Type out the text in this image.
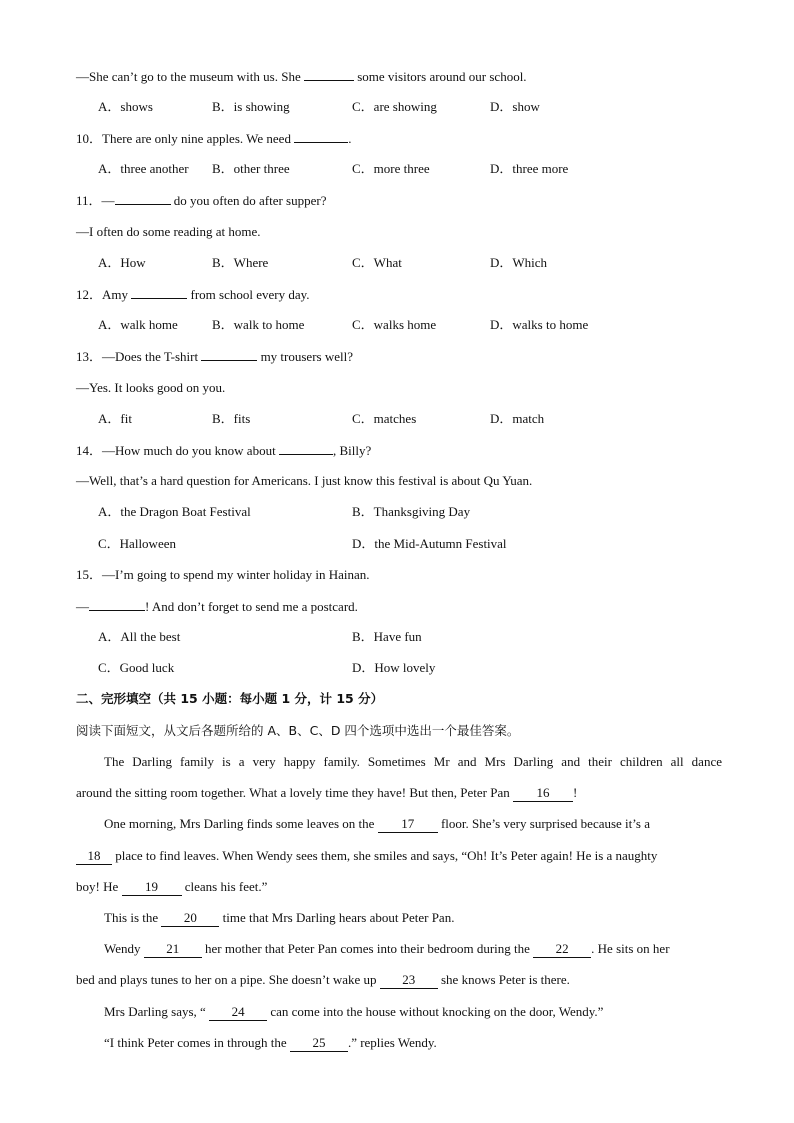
—She can’t go to the museum with us. She	some visitors around our school.
A．shows	B．is showing	C．are showing	D．show
10．There are only nine apples. We need	.
A．three another B．other three	C．more three	D．three more
11．—	do you often do after supper?
—I often do some reading at home.
A．How	B．Where	C．What	D．Which
12．Amy	from school every day.
A．walk home	B．walk to home	C．walks home	D．walks to home
13．—Does the T-shirt	my trousers well?
—Yes. It looks good on you.
A．fit	B．fits	C．matches	D．match
14．—How much do you know about	, Billy?
—Well, that’s a hard question for Americans. I just know this festival is about Qu Yuan.
A．the Dragon Boat Festival	B．Thanksgiving Day
C．Halloween	D．the Mid-Autumn Festival
15．—I’m going to spend my winter holiday in Hainan.
—	! And don’t forget to send me a postcard.
A．All the best	B．Have fun
C．Good luck	D．How lovely
二、完形填空（共 15 小题：每小题 1 分，计 15 分）
阅读下面短文，从文后各题所给的 A、B、C、D 四个选项中选出一个最佳答案。
The Darling family is a very happy family. Sometimes Mr and Mrs Darling and their children all dance
around the sitting room together. What a lovely time they have! But then, Peter Pan 16 !
One morning, Mrs Darling finds some leaves on the 17 floor. She’s very surprised because it’s a
18 place to find leaves. When Wendy sees them, she smiles and says, “Oh! It’s Peter again! He is a naughty
boy! He 19 cleans his feet.”
This is the 20 time that Mrs Darling hears about Peter Pan.
Wendy 21 her mother that Peter Pan comes into their bedroom during the 22 . He sits on her
bed and plays tunes to her on a pipe. She doesn’t wake up 23 she knows Peter is there.
Mrs Darling says, “ 24 can come into the house without knocking on the door, Wendy.”
“I think Peter comes in through the 25 .” replies Wendy.
